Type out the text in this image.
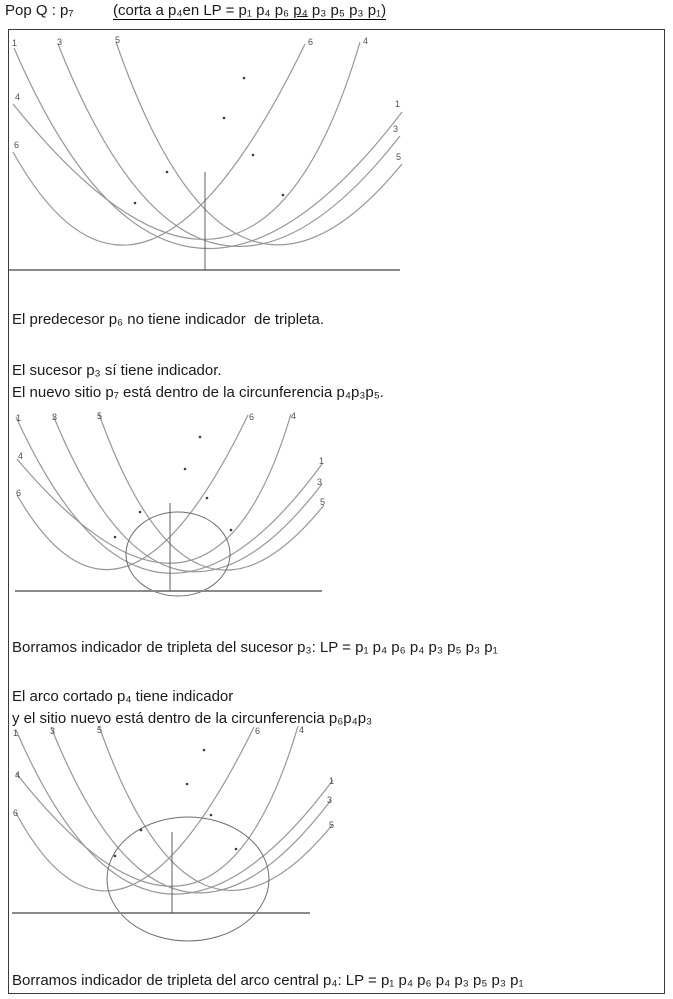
Pop Q : p₇	(corta a p₄en LP = p₁ p₄ p₆ p₄ p₃ p₅ p₃ p₁)

1	3	5	6	4
4
6
1
3
5
1	3	5	6	4
4
6
1
3
5
1	3	5	6	4
4
6
1
3
5
El predecesor p₆ no tiene indicador  de tripleta.
El sucesor p₃ sí tiene indicador.
El nuevo sitio p₇ está dentro de la circunferencia p₄p₃p₅.
Borramos indicador de tripleta del sucesor p₃: LP = p₁ p₄ p₆ p₄ p₃ p₅ p₃ p₁
El arco cortado p₄ tiene indicador
y el sitio nuevo está dentro de la circunferencia p₆p₄p₃
Borramos indicador de tripleta del arco central p₄: LP = p₁ p₄ p₆ p₄ p₃ p₅ p₃ p₁
